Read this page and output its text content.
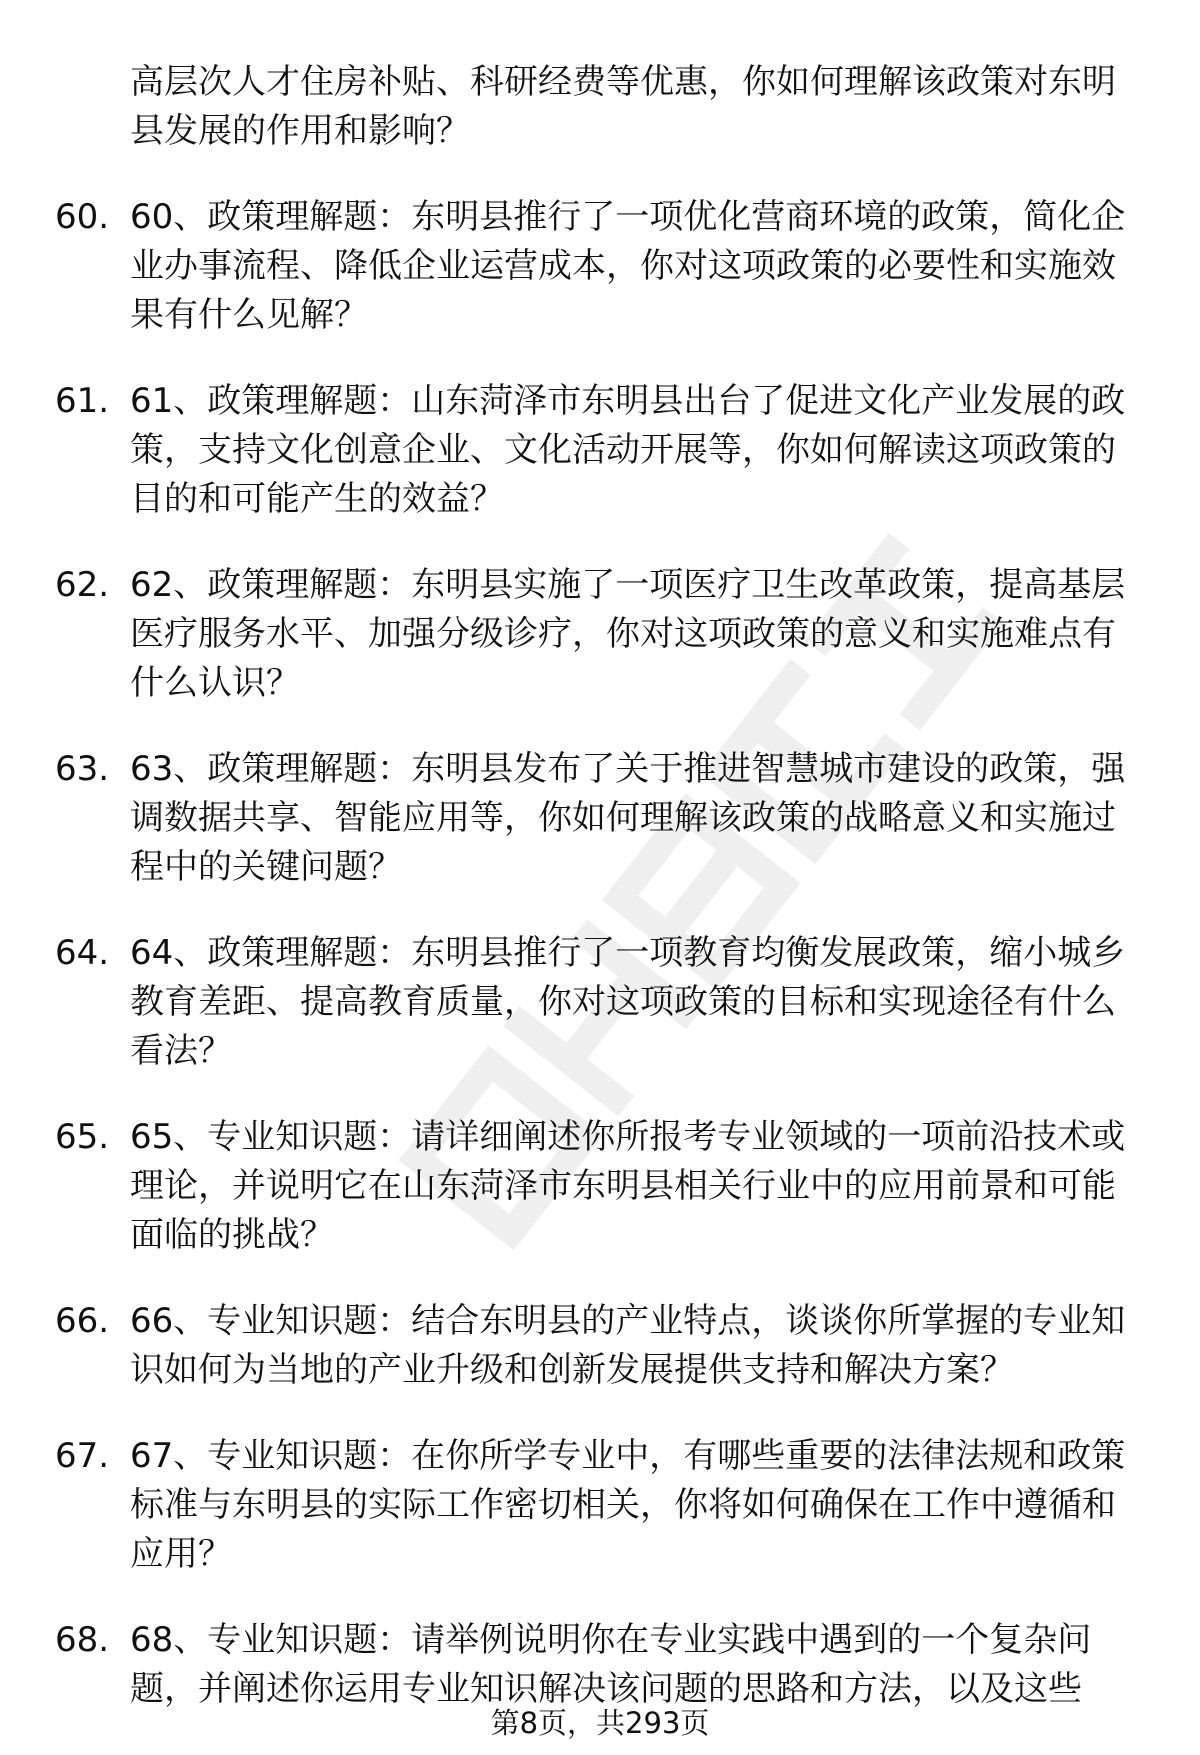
高层次人才住房补贴、科研经费等优惠，你如何理解该政策对东明县发展的作用和影响？
60. 60、政策理解题：东明县推行了一项优化营商环境的政策，简化企业办事流程、降低企业运营成本，你对这项政策的必要性和实施效果有什么见解？
61. 61、政策理解题：山东菏泽市东明县出台了促进文化产业发展的政策，支持文化创意企业、文化活动开展等，你如何解读这项政策的目的和可能产生的效益？
62. 62、政策理解题：东明县实施了一项医疗卫生改革政策，提高基层医疗服务水平、加强分级诊疗，你对这项政策的意义和实施难点有什么认识？
63. 63、政策理解题：东明县发布了关于推进智慧城市建设的政策，强调数据共享、智能应用等，你如何理解该政策的战略意义和实施过程中的关键问题？
64. 64、政策理解题：东明县推行了一项教育均衡发展政策，缩小城乡教育差距、提高教育质量，你对这项政策的目标和实现途径有什么看法？
65. 65、专业知识题：请详细阐述你所报考专业领域的一项前沿技术或理论，并说明它在山东菏泽市东明县相关行业中的应用前景和可能面临的挑战？
66. 66、专业知识题：结合东明县的产业特点，谈谈你所掌握的专业知识如何为当地的产业升级和创新发展提供支持和解决方案？
67. 67、专业知识题：在你所学专业中，有哪些重要的法律法规和政策标准与东明县的实际工作密切相关，你将如何确保在工作中遵循和应用？
68. 68、专业知识题：请举例说明你在专业实践中遇到的一个复杂问题，并阐述你运用专业知识解决该问题的思路和方法，以及这些
第8页，共293页
